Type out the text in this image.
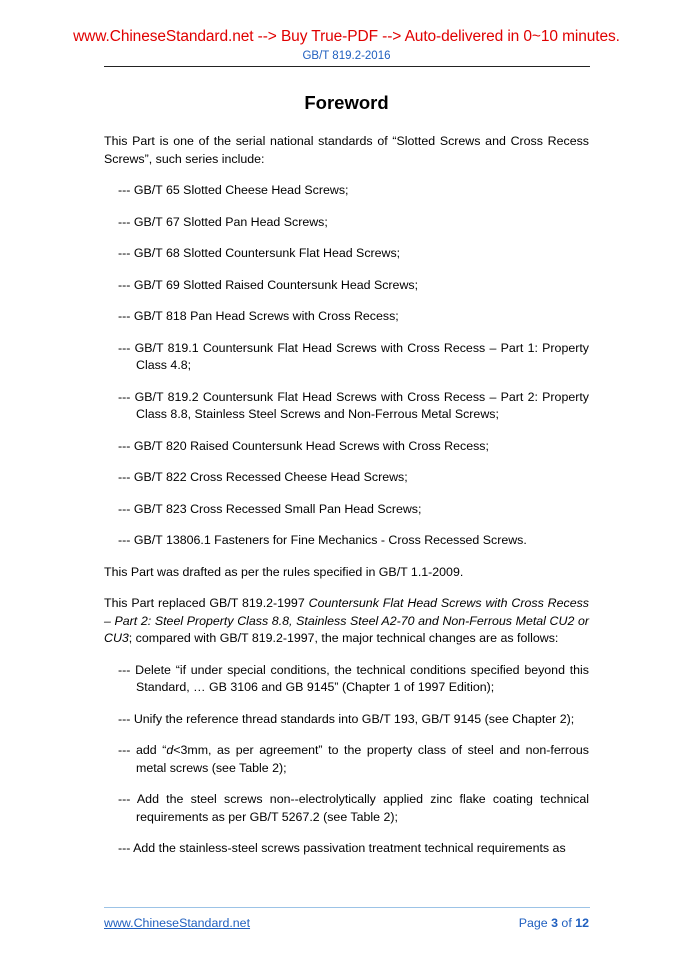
www.ChineseStandard.net --> Buy True-PDF --> Auto-delivered in 0~10 minutes.
GB/T 819.2-2016
Foreword

This Part is one of the serial national standards of “Slotted Screws and Cross Recess Screws”, such series include:

--- GB/T 65 Slotted Cheese Head Screws;
--- GB/T 67 Slotted Pan Head Screws;
--- GB/T 68 Slotted Countersunk Flat Head Screws;
--- GB/T 69 Slotted Raised Countersunk Head Screws;
--- GB/T 818 Pan Head Screws with Cross Recess;
--- GB/T 819.1 Countersunk Flat Head Screws with Cross Recess – Part 1: Property Class 4.8;
--- GB/T 819.2 Countersunk Flat Head Screws with Cross Recess – Part 2: Property Class 8.8, Stainless Steel Screws and Non-Ferrous Metal Screws;
--- GB/T 820 Raised Countersunk Head Screws with Cross Recess;
--- GB/T 822 Cross Recessed Cheese Head Screws;
--- GB/T 823 Cross Recessed Small Pan Head Screws;
--- GB/T 13806.1 Fasteners for Fine Mechanics - Cross Recessed Screws.

This Part was drafted as per the rules specified in GB/T 1.1-2009.

This Part replaced GB/T 819.2-1997 Countersunk Flat Head Screws with Cross Recess – Part 2: Steel Property Class 8.8, Stainless Steel A2-70 and Non-Ferrous Metal CU2 or CU3; compared with GB/T 819.2-1997, the major technical changes are as follows:

--- Delete “if under special conditions, the technical conditions specified beyond this Standard, … GB 3106 and GB 9145” (Chapter 1 of 1997 Edition);
--- Unify the reference thread standards into GB/T 193, GB/T 9145 (see Chapter 2);
--- add “d<3mm, as per agreement” to the property class of steel and non-ferrous metal screws (see Table 2);
--- Add the steel screws non--electrolytically applied zinc flake coating technical requirements as per GB/T 5267.2 (see Table 2);
--- Add the stainless-steel screws passivation treatment technical requirements as
www.ChineseStandard.net	Page 3 of 12
